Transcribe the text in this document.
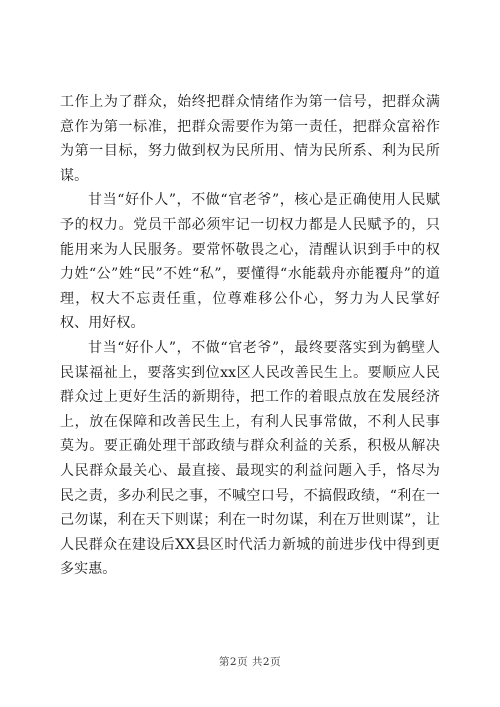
工作上为了群众，始终把群众情绪作为第一信号，把群众满意作为第一标准，把群众需要作为第一责任，把群众富裕作为第一目标，努力做到权为民所用、情为民所系、利为民所谋。

甘当“好仆人”，不做“官老爷”，核心是正确使用人民赋予的权力。党员干部必须牢记一切权力都是人民赋予的，只能用来为人民服务。要常怀敬畏之心，清醒认识到手中的权力姓“公”姓“民”不姓“私”，要懂得“水能载舟亦能覆舟”的道理，权大不忘责任重，位尊难移公仆心，努力为人民掌好权、用好权。

甘当“好仆人”，不做“官老爷”，最终要落实到为鹤壁人民谋福祉上，要落实到位xx区人民改善民生上。要顺应人民群众过上更好生活的新期待，把工作的着眼点放在发展经济上，放在保障和改善民生上，有利人民事常做，不利人民事莫为。要正确处理干部政绩与群众利益的关系，积极从解决人民群众最关心、最直接、最现实的利益问题入手，恪尽为民之责，多办利民之事，不喊空口号，不搞假政绩，“利在一己勿谋，利在天下则谋；利在一时勿谋，利在万世则谋”，让人民群众在建设后XX县区时代活力新城的前进步伐中得到更多实惠。

第2页 共2页
